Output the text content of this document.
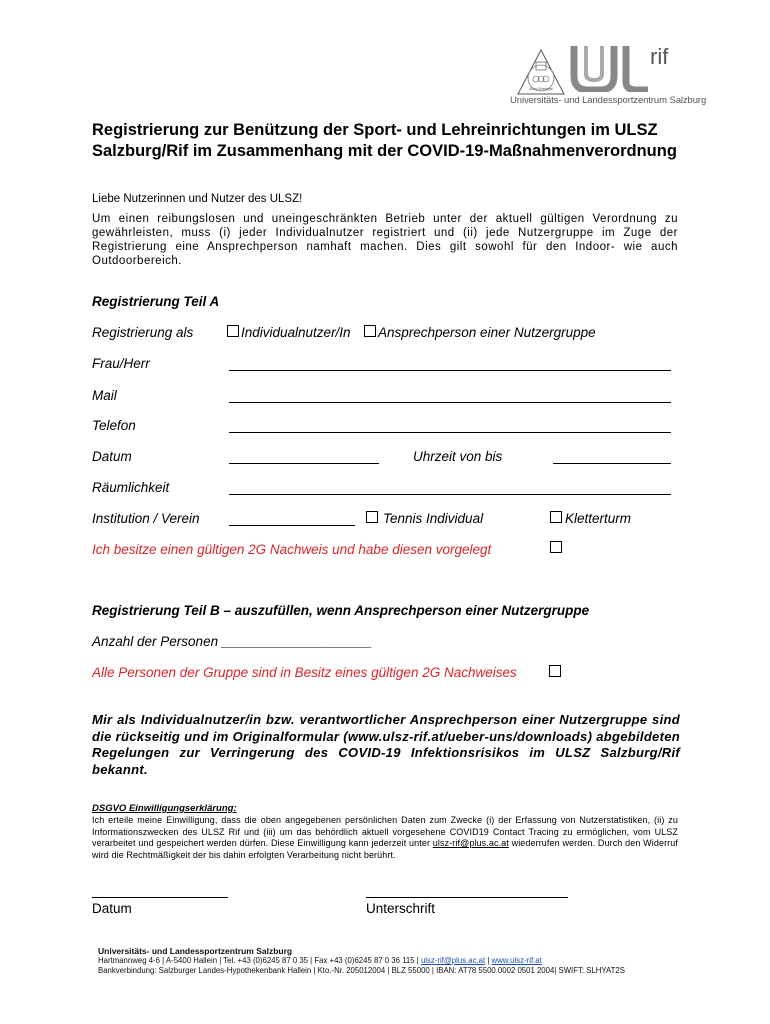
Sport-Gütesiegel
rif
Universitäts- und Landessportzentrum Salzburg
Registrierung zur Benützung der Sport- und Lehreinrichtungen im ULSZ Salzburg/Rif im Zusammenhang mit der COVID-19-Maßnahmenverordnung

Liebe Nutzerinnen und Nutzer des ULSZ!

Um einen reibungslosen und uneingeschränkten Betrieb unter der aktuell gültigen Verordnung zu gewährleisten, muss (i) jeder Individualnutzer registriert und (ii) jede Nutzergruppe im Zuge der Registrierung eine Ansprechperson namhaft machen. Dies gilt sowohl für den Indoor- wie auch Outdoorbereich.

Registrierung Teil A
Registrierung als	Individualnutzer/In Ansprechperson einer Nutzergruppe
Frau/Herr
Mail
Telefon
Datum	Uhrzeit von bis
Räumlichkeit
Institution / Verein	Tennis Individual	Kletterturm
Ich besitze einen gültigen 2G Nachweis und habe diesen vorgelegt
Registrierung Teil B – auszufüllen, wenn Ansprechperson einer Nutzergruppe
Anzahl der Personen ____________________
Alle Personen der Gruppe sind in Besitz eines gültigen 2G Nachweises
Mir als Individualnutzer/in bzw. verantwortlicher Ansprechperson einer Nutzergruppe sind die rückseitig und im Originalformular (www.ulsz-rif.at/ueber-uns/downloads) abgebildeten Regelungen zur Verringerung des COVID-19 Infektionsrisikos im ULSZ Salzburg/Rif bekannt.
DSGVO Einwilligungserklärung:
Ich erteile meine Einwilligung, dass die oben angegebenen persönlichen Daten zum Zwecke (i) der Erfassung von Nutzerstatistiken, (ii) zu Informationszwecken des ULSZ Rif und (iii) um das behördlich aktuell vorgesehene COVID19 Contact Tracing zu ermöglichen, vom ULSZ verarbeitet und gespeichert werden dürfen. Diese Einwilligung kann jederzeit unter ulsz-rif@plus.ac.at wiederrufen werden. Durch den Widerruf wird die Rechtmäßigkeit der bis dahin erfolgten Verarbeitung nicht berührt.
Datum	Unterschrift
Universitäts- und Landessportzentrum Salzburg
Hartmannweg 4-6 | A-5400 Hallein | Tel. +43 (0)6245 87 0 35 | Fax +43 (0)6245 87 0 36 115 | ulsz-rif@plus.ac.at | www.ulsz-rif.at
Bankverbindung: Salzburger Landes-Hypothekenbank Hallein | Kto.-Nr. 205012004 | BLZ 55000 | IBAN: AT78 5500 0002 0501 2004| SWIFT: SLHYAT2S
